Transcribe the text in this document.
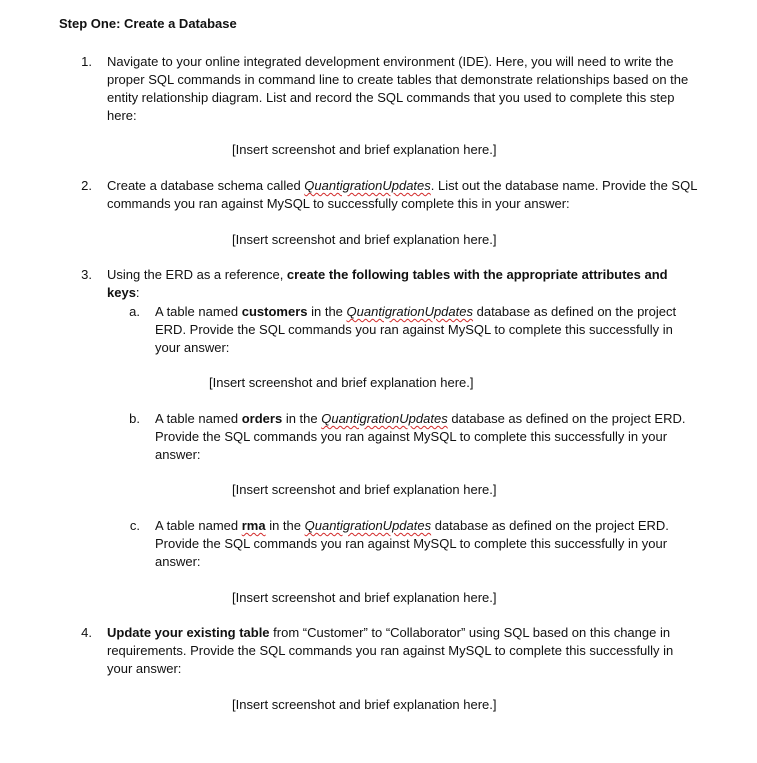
Step One: Create a Database
1. Navigate to your online integrated development environment (IDE). Here, you will need to write the proper SQL commands in command line to create tables that demonstrate relationships based on the entity relationship diagram. List and record the SQL commands that you used to complete this step here:
[Insert screenshot and brief explanation here.]
2. Create a database schema called QuantigrationUpdates. List out the database name. Provide the SQL commands you ran against MySQL to successfully complete this in your answer:
[Insert screenshot and brief explanation here.]
3. Using the ERD as a reference, create the following tables with the appropriate attributes and keys:
a. A table named customers in the QuantigrationUpdates database as defined on the project ERD. Provide the SQL commands you ran against MySQL to complete this successfully in your answer:
[Insert screenshot and brief explanation here.]
b. A table named orders in the QuantigrationUpdates database as defined on the project ERD. Provide the SQL commands you ran against MySQL to complete this successfully in your answer:
[Insert screenshot and brief explanation here.]
c. A table named rma in the QuantigrationUpdates database as defined on the project ERD. Provide the SQL commands you ran against MySQL to complete this successfully in your answer:
[Insert screenshot and brief explanation here.]
4. Update your existing table from “Customer” to “Collaborator” using SQL based on this change in requirements. Provide the SQL commands you ran against MySQL to complete this successfully in your answer:
[Insert screenshot and brief explanation here.]
